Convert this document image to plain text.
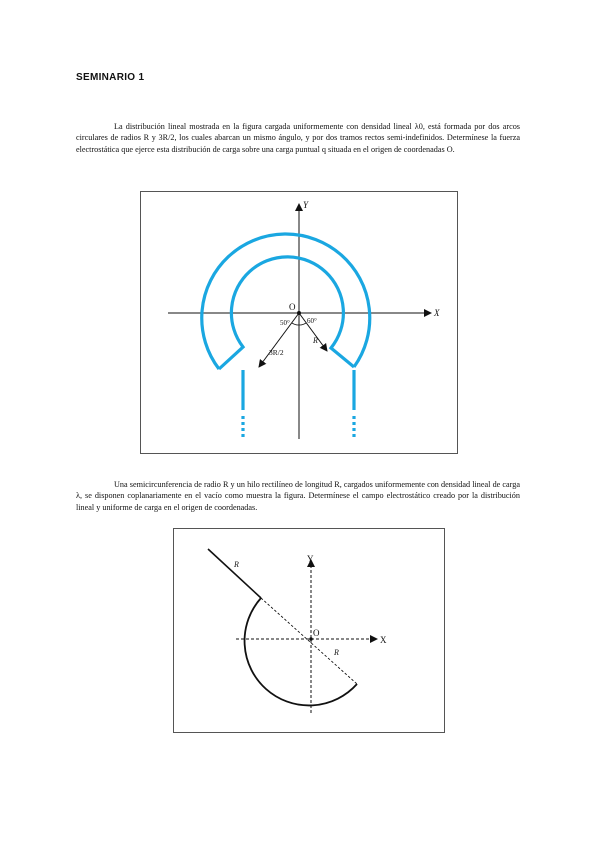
SEMINARIO 1

La distribución lineal mostrada en la figura cargada uniformemente con densidad lineal λ0, está formada por dos arcos circulares de radios R y 3R/2, los cuales abarcan un mismo ángulo, y por dos tramos rectos semi-indefinidos. Determínese la fuerza electrostática que ejerce esta distribución de carga sobre una carga puntual q situada en el origen de coordenadas O.

X
Y
O
50° 60°
R
3R/2

Una semicircunferencia de radio R y un hilo rectilíneo de longitud R, cargados uniformemente con densidad lineal de carga λ, se disponen coplanariamente en el vacío como muestra la figura. Determínese el campo electrostático creado por la distribución lineal y uniforme de carga en el origen de coordenadas.

X
Y
O
R
R
